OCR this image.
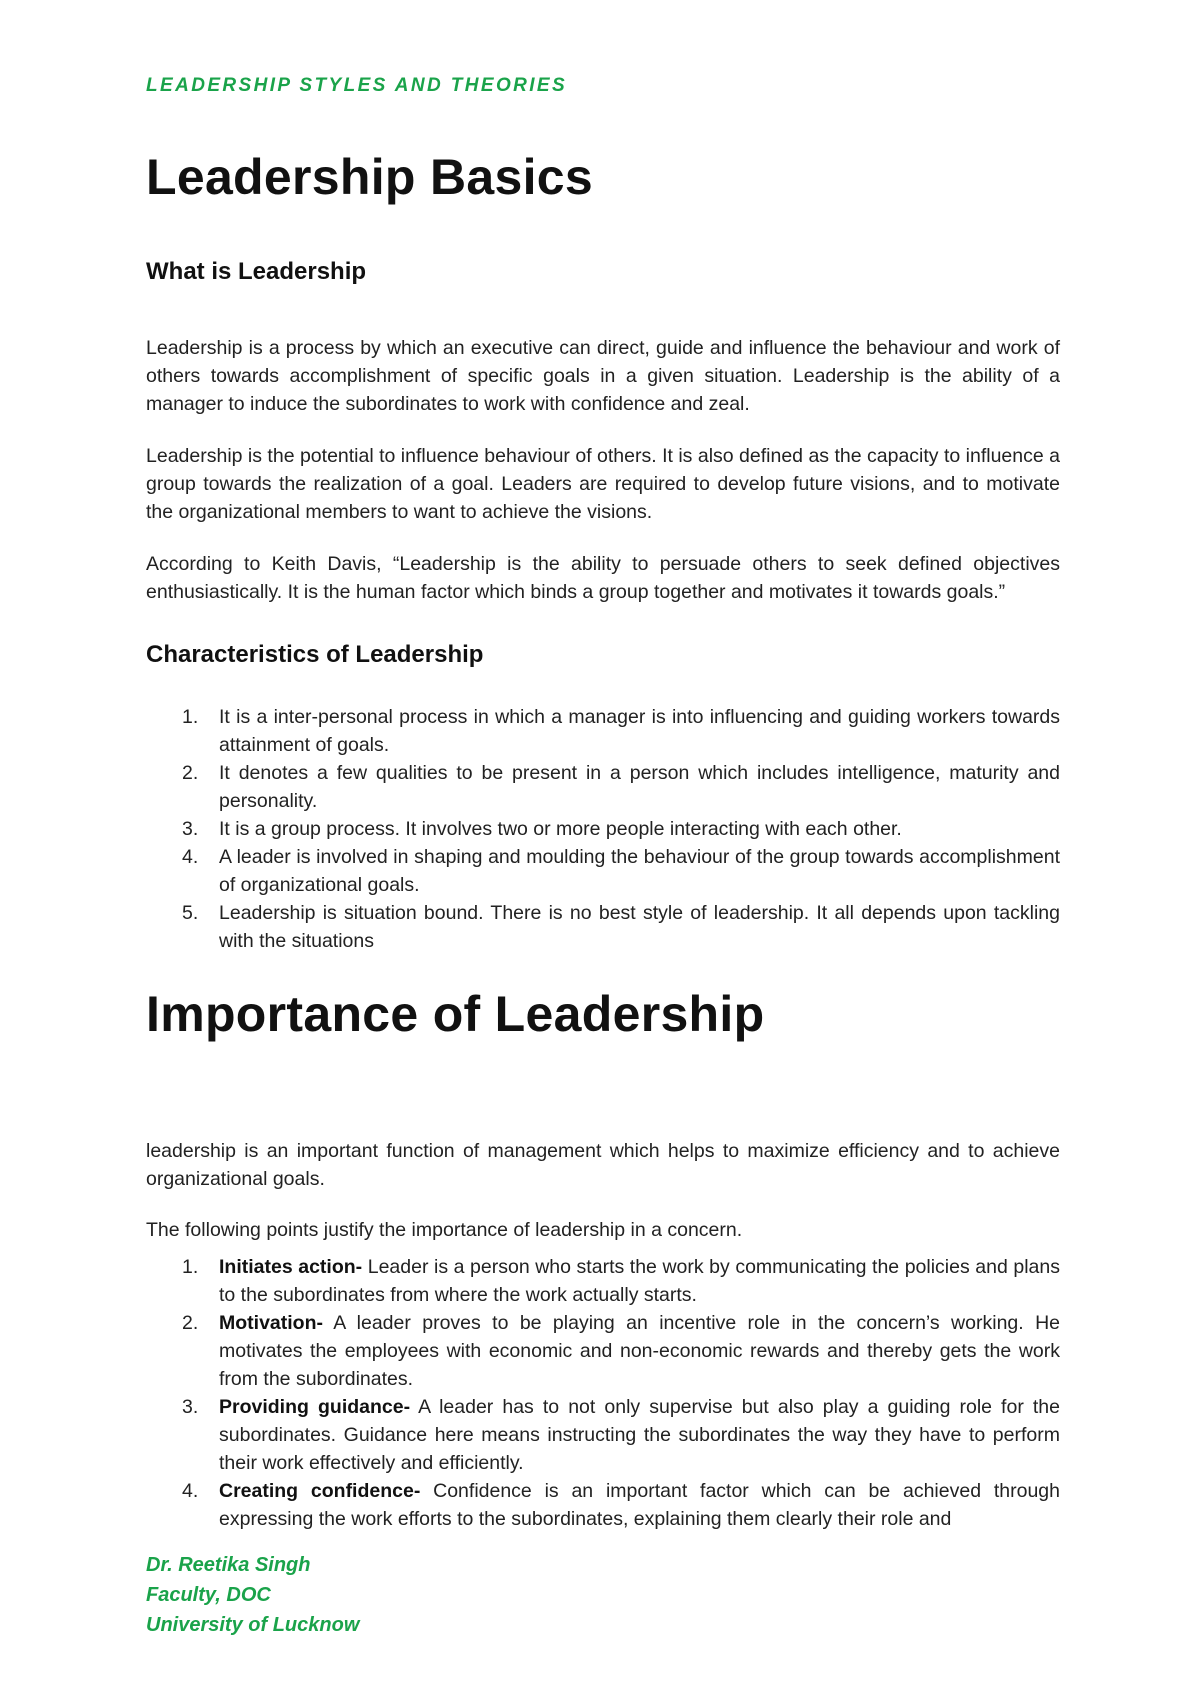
LEADERSHIP STYLES AND THEORIES
Leadership Basics
What is Leadership

Leadership is a process by which an executive can direct, guide and influence the behaviour and work of others towards accomplishment of specific goals in a given situation. Leadership is the ability of a manager to induce the subordinates to work with confidence and zeal.

Leadership is the potential to influence behaviour of others. It is also defined as the capacity to influence a group towards the realization of a goal. Leaders are required to develop future visions, and to motivate the organizational members to want to achieve the visions.

According to Keith Davis, “Leadership is the ability to persuade others to seek defined objectives enthusiastically. It is the human factor which binds a group together and motivates it towards goals.”

Characteristics of Leadership
1. It is a inter-personal process in which a manager is into influencing and guiding workers towards attainment of goals.
2. It denotes a few qualities to be present in a person which includes intelligence, maturity and personality.
3. It is a group process. It involves two or more people interacting with each other.
4. A leader is involved in shaping and moulding the behaviour of the group towards accomplishment of organizational goals.
5. Leadership is situation bound. There is no best style of leadership. It all depends upon tackling with the situations
Importance of Leadership

leadership is an important function of management which helps to maximize efficiency and to achieve organizational goals.

The following points justify the importance of leadership in a concern.

1. Initiates action- Leader is a person who starts the work by communicating the policies and plans to the subordinates from where the work actually starts.
2. Motivation- A leader proves to be playing an incentive role in the concern’s working. He motivates the employees with economic and non-economic rewards and thereby gets the work from the subordinates.
3. Providing guidance- A leader has to not only supervise but also play a guiding role for the subordinates. Guidance here means instructing the subordinates the way they have to perform their work effectively and efficiently.
4. Creating confidence- Confidence is an important factor which can be achieved through expressing the work efforts to the subordinates, explaining them clearly their role and
Dr. Reetika Singh
Faculty, DOC
University of Lucknow
